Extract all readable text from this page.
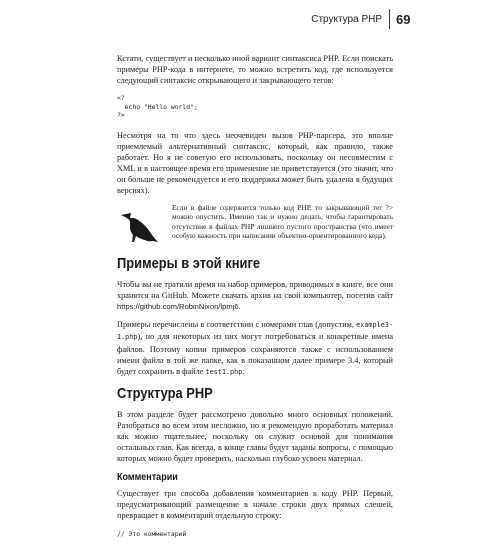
Структура PHP 69

Кстати, существует и несколько иной вариант синтаксиса PHP. Если поискать примеры PHP-кода в интернете, то можно встретить код, где используется следующий синтаксис открывающего и закрывающего тегов:

<?
echo "Hello world";
?>

Несмотря на то что здесь неочевиден вызов PHP-парсера, это вполне приемлемый альтернативный синтаксис, который, как правило, также работает. Но я не советую его использовать, поскольку он несовместим с XML и в настоящее время его применение не приветствуется (это значит, что он больше не рекомендуется и его поддержка может быть удалена в будущих версиях).

Если в файле содержится только код PHP, то закрывающий тег ?> можно опустить. Именно так и нужно делать, чтобы гарантировать отсутствие в файлах PHP лишнего пустого пространства (что имеет особую важность при написании объектно-ориентированного кода).
Примеры в этой книге

Чтобы вы не тратили время на набор примеров, приводимых в книге, все они хранятся на GitHub. Можете скачать архив на свой компьютер, посетив сайт https://github.com/RobinNixon/lpmj6.

Примеры перечислены в соответствии с номерами глав (допустим, example3-1.php), но для некоторых из них могут потребоваться и конкретные имена файлов. Поэтому копии примеров сохраняются также с использованием имени файла в той же папке, как в показанном далее примере 3.4, который будет сохранить в файле test1.php.

Структура PHP

В этом разделе будет рассмотрено довольно много основных положений. Разобраться во всем этом несложно, но я рекомендую проработать материал как можно тщательнее, поскольку он служит основой для понимания остальных глав. Как всегда, в конце главы будут заданы вопросы, с помощью которых можно будет проверить, насколько глубоко усвоен материал.

Комментарии

Существует три способа добавления комментариев к коду PHP. Первый, предусматривающий размещение в начале строки двух прямых слешей, превращает в комментарий отдельную строку:

// Это комментарий
